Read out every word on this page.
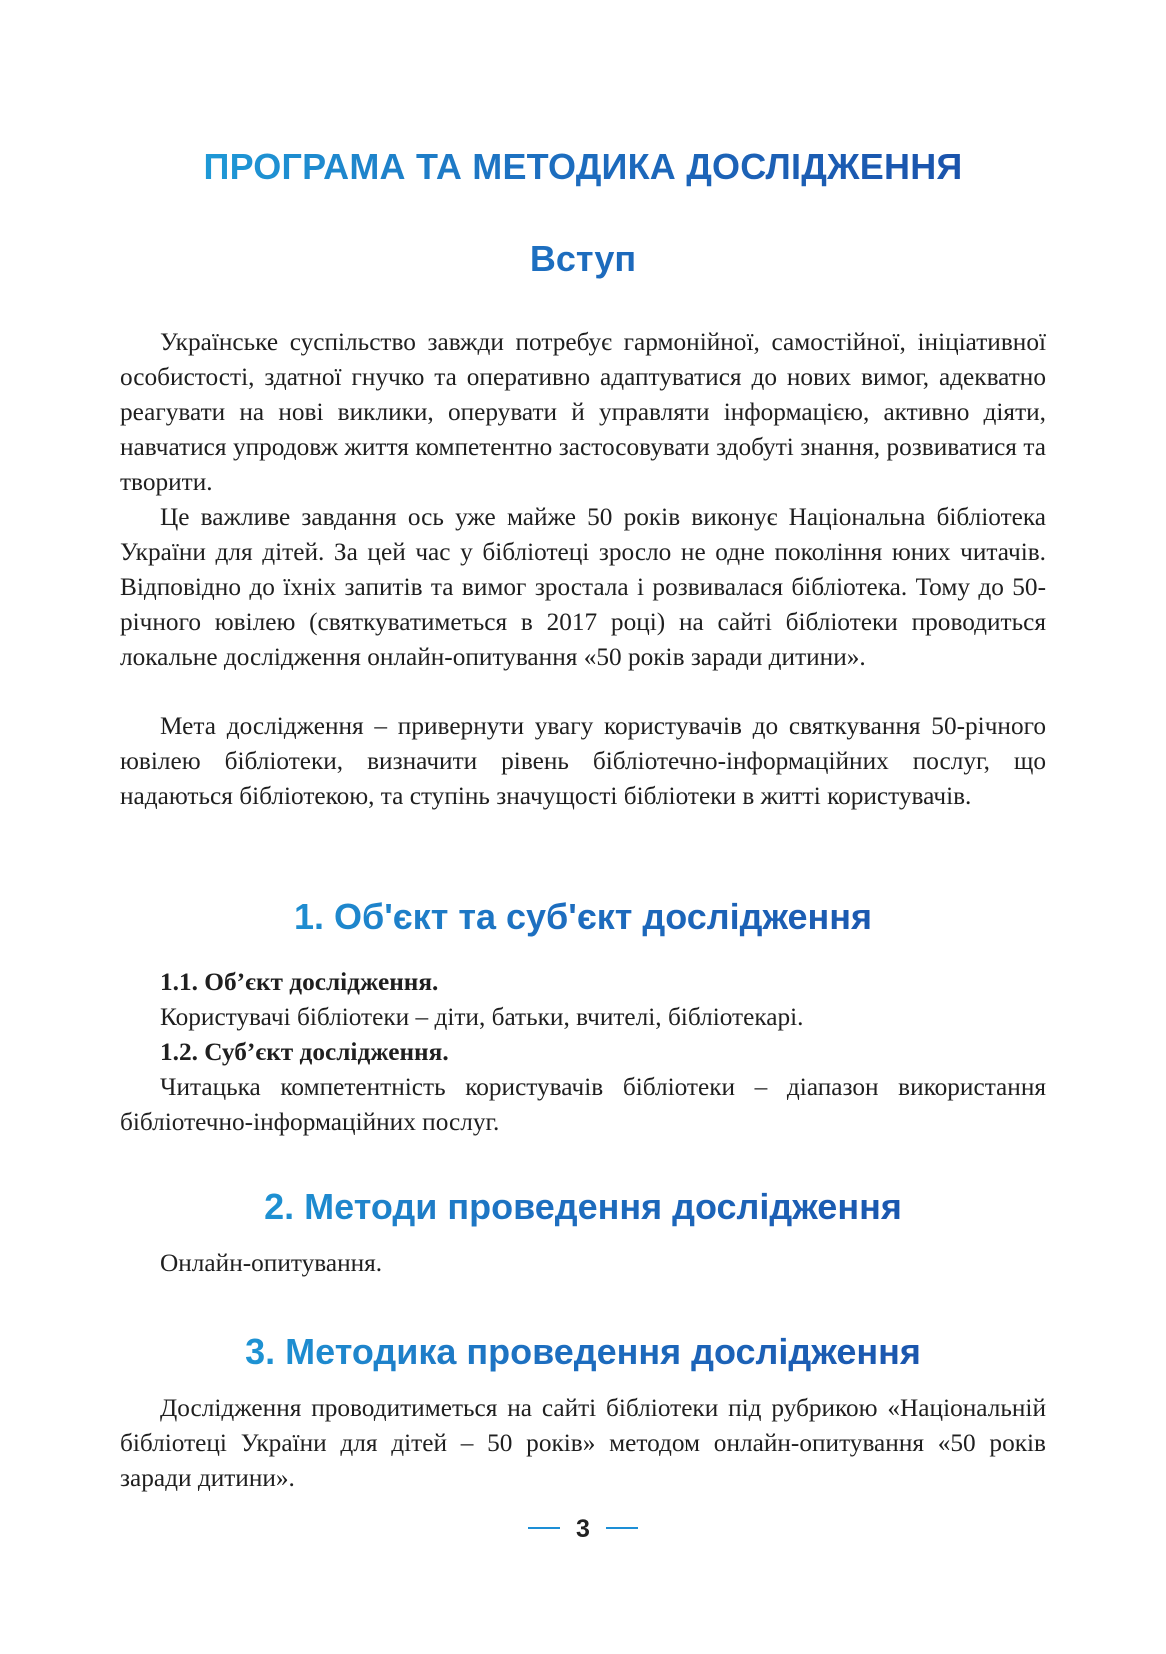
ПРОГРАМА ТА МЕТОДИКА ДОСЛІДЖЕННЯ
Вступ

Українське суспільство завжди потребує гармонійної, самостійної, ініціативної особистості, здатної гнучко та оперативно адаптуватися до нових вимог, адекватно реагувати на нові виклики, оперувати й управляти інформацією, активно діяти, навчатися упродовж життя компетентно застосовувати здобуті знання, розвиватися та творити.

Це важливе завдання ось уже майже 50 років виконує Національна бібліотека України для дітей. За цей час у бібліотеці зросло не одне покоління юних читачів. Відповідно до їхніх запитів та вимог зростала і розвивалася бібліотека. Тому до 50-річного ювілею (святкуватиметься в 2017 році) на сайті бібліотеки проводиться локальне дослідження онлайн-опитування «50 років заради дитини».

Мета дослідження – привернути увагу користувачів до святкування 50-річного ювілею бібліотеки, визначити рівень бібліотечно-інформаційних послуг, що надаються бібліотекою, та ступінь значущості бібліотеки в житті користувачів.

1. Об'єкт та суб'єкт дослідження

1.1. Об’єкт дослідження.

Користувачі бібліотеки – діти, батьки, вчителі, бібліотекарі.

1.2. Суб’єкт дослідження.

Читацька компетентність користувачів бібліотеки – діапазон використання бібліотечно-інформаційних послуг.

2. Методи проведення дослідження

Онлайн-опитування.

3. Методика проведення дослідження

Дослідження проводитиметься на сайті бібліотеки під рубрикою «Національній бібліотеці України для дітей – 50 років» методом онлайн-опитування «50 років заради дитини».

3
